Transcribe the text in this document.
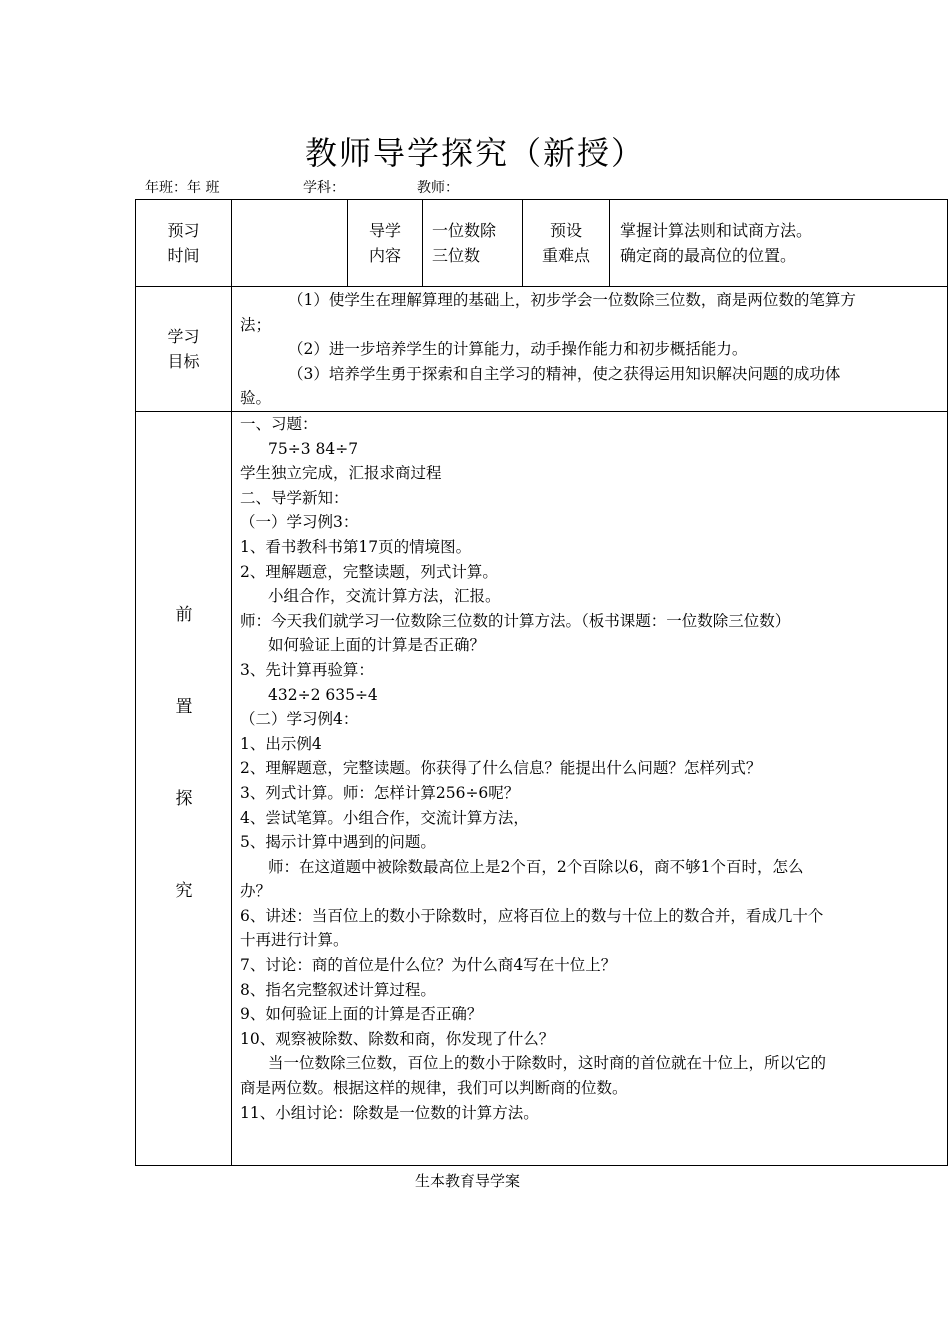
教师导学探究（新授）
年班：年 班	学科：	教师：
预习
时间
导学
内容
一位数除
三位数
预设
重难点
掌握计算法则和试商方法。
确定商的最高位的位置。
学习
目标
（1）使学生在理解算理的基础上，初步学会一位数除三位数，商是两位数的笔算方
法；
（2）进一步培养学生的计算能力，动手操作能力和初步概括能力。
（3）培养学生勇于探索和自主学习的精神，使之获得运用知识解决问题的成功体
验。
前
置
探
究
一、习题：
75÷3 84÷7
学生独立完成，汇报求商过程
二、导学新知：
（一）学习例3：
1、看书教科书第17页的情境图。
2、理解题意，完整读题，列式计算。
小组合作，交流计算方法，汇报。
师：今天我们就学习一位数除三位数的计算方法。（板书课题：一位数除三位数）
如何验证上面的计算是否正确？
3、先计算再验算：
432÷2 635÷4
（二）学习例4：
1、出示例4
2、理解题意，完整读题。你获得了什么信息？能提出什么问题？怎样列式？
3、列式计算。师：怎样计算256÷6呢？
4、尝试笔算。小组合作，交流计算方法，
5、揭示计算中遇到的问题。
师：在这道题中被除数最高位上是2个百，2个百除以6，商不够1个百时，怎么
办？
6、讲述：当百位上的数小于除数时，应将百位上的数与十位上的数合并，看成几十个
十再进行计算。
7、讨论：商的首位是什么位？为什么商4写在十位上？
8、指名完整叙述计算过程。
9、如何验证上面的计算是否正确？
10、观察被除数、除数和商，你发现了什么？
当一位数除三位数，百位上的数小于除数时，这时商的首位就在十位上，所以它的
商是两位数。根据这样的规律，我们可以判断商的位数。
11、小组讨论：除数是一位数的计算方法。
生本教育导学案
